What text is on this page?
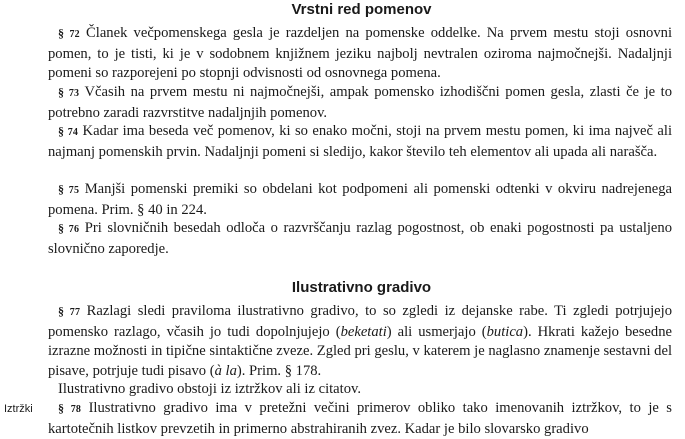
Vrstni red pomenov

§ 72 Članek večpomenskega gesla je razdeljen na pomenske oddelke. Na prvem mestu stoji osnovni pomen, to je tisti, ki je v sodobnem knjižnem jeziku najbolj nevtralen oziroma najmočnejši. Nadaljnji pomeni so razporejeni po stopnji odvisnosti od osnovnega pomena.

§ 73 Včasih na prvem mestu ni najmočnejši, ampak pomensko izhodiščni pomen gesla, zlasti če je to potrebno zaradi razvrstitve nadaljnjih pomenov.

§ 74 Kadar ima beseda več pomenov, ki so enako močni, stoji na prvem mestu pomen, ki ima največ ali najmanj pomenskih prvin. Nadaljnji pomeni si sledijo, kakor število teh elementov ali upada ali narašča.

§ 75 Manjši pomenski premiki so obdelani kot podpomeni ali pomenski odtenki v okviru nadrejenega pomena. Prim. § 40 in 224.

§ 76 Pri slovničnih besedah odloča o razvrščanju razlag pogostnost, ob enaki pogostnosti pa ustaljeno slovnično zaporedje.

Ilustrativno gradivo

§ 77 Razlagi sledi praviloma ilustrativno gradivo, to so zgledi iz dejanske rabe. Ti zgledi potrjujejo pomensko razlago, včasih jo tudi dopolnjujejo (beketati) ali usmerjajo (butica). Hkrati kažejo besedne izrazne možnosti in tipične sintaktične zveze. Zgled pri geslu, v katerem je naglasno znamenje sestavni del pisave, potrjuje tudi pisavo (à la). Prim. § 178.

Ilustrativno gradivo obstoji iz iztržkov ali iz citatov.

Iztržki	§ 78 Ilustrativno gradivo ima v pretežni večini primerov obliko tako imenovanih iztržkov, to je s kartotečnih listkov prevzetih in primerno abstrahiranih zvez. Kadar je bilo slovarsko gradivo
